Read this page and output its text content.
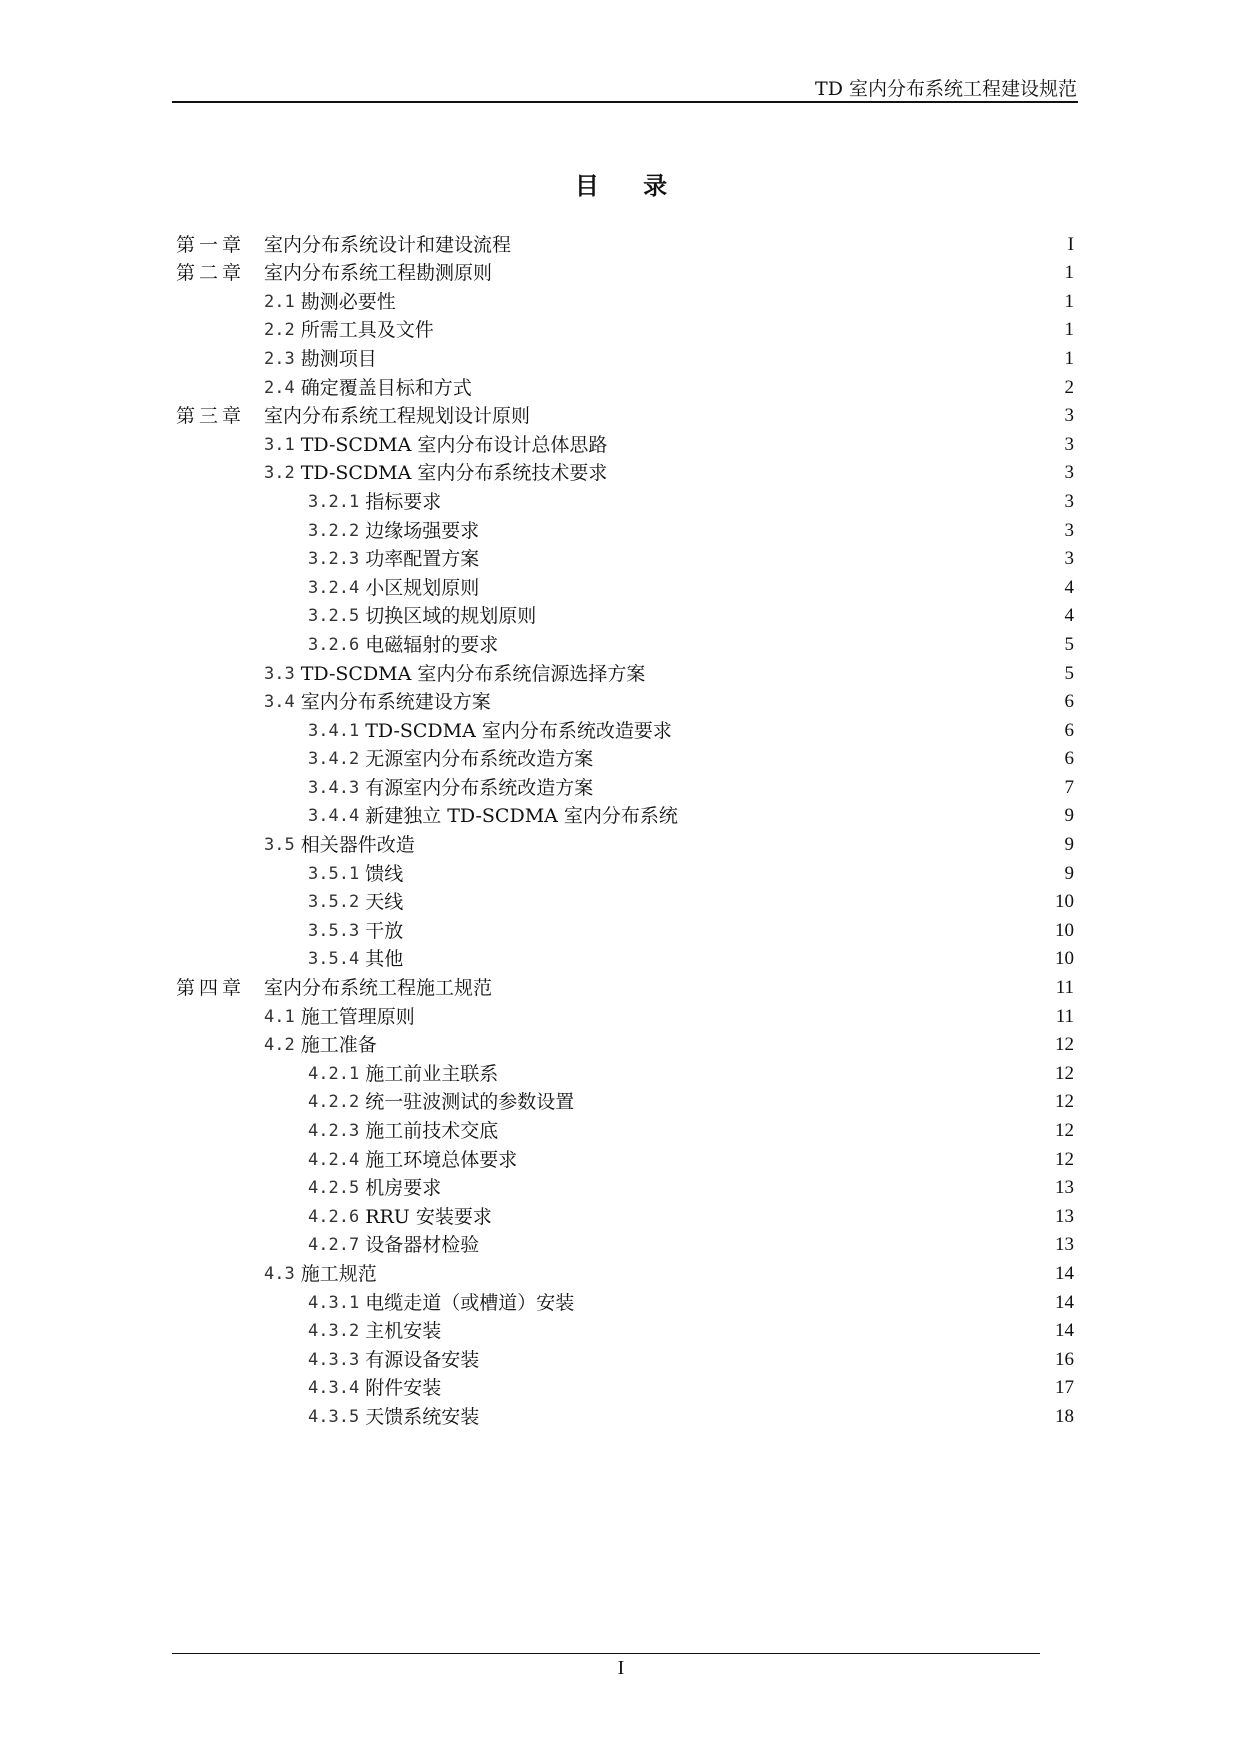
TD 室内分布系统工程建设规范
目 录
第一章 室内分布系统设计和建设流程 .....	I
第二章 室内分布系统工程勘测原则 .....	1
2.1 勘测必要性 .....	1
2.2 所需工具及文件 .....	1
2.3 勘测项目 .....	1
2.4 确定覆盖目标和方式 .....	2
第三章 室内分布系统工程规划设计原则 .....	3
3.1 TD-SCDMA 室内分布设计总体思路 .....	3
3.2 TD-SCDMA 室内分布系统技术要求 .....	3
3.2.1 指标要求 .....	3
3.2.2 边缘场强要求 .....	3
3.2.3 功率配置方案 .....	3
3.2.4 小区规划原则 .....	4
3.2.5 切换区域的规划原则 .....	4
3.2.6 电磁辐射的要求 .....	5
3.3 TD-SCDMA 室内分布系统信源选择方案 .....	5
3.4 室内分布系统建设方案 .....	6
3.4.1 TD-SCDMA 室内分布系统改造要求 .....	6
3.4.2 无源室内分布系统改造方案 .....	6
3.4.3 有源室内分布系统改造方案 .....	7
3.4.4 新建独立 TD-SCDMA 室内分布系统 .....	9
3.5 相关器件改造 .....	9
3.5.1 馈线 .....	9
3.5.2 天线 .....	10
3.5.3 干放 .....	10
3.5.4 其他 .....	10
第四章 室内分布系统工程施工规范 .....	11
4.1 施工管理原则 .....	11
4.2 施工准备 .....	12
4.2.1 施工前业主联系 .....	12
4.2.2 统一驻波测试的参数设置 .....	12
4.2.3 施工前技术交底 .....	12
4.2.4 施工环境总体要求 .....	12
4.2.5 机房要求 .....	13
4.2.6 RRU 安装要求 .....	13
4.2.7 设备器材检验 .....	13
4.3 施工规范 .....	14
4.3.1 电缆走道（或槽道）安装 .....	14
4.3.2 主机安装 .....	14
4.3.3 有源设备安装 .....	16
4.3.4 附件安装 .....	17
4.3.5 天馈系统安装 .....	18
I
